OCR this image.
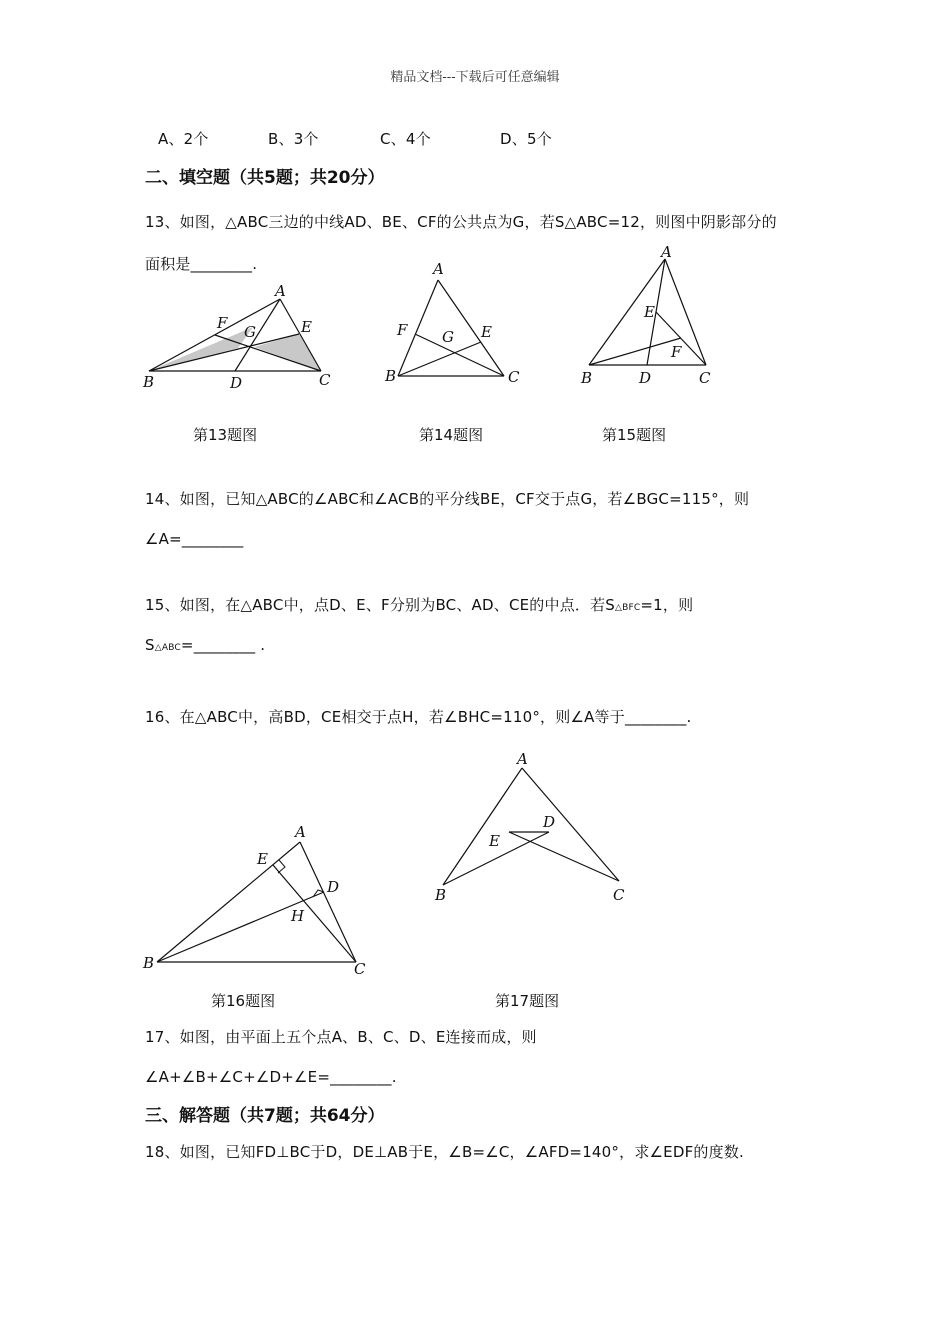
精品文档---下载后可任意编辑
A、2个	B、3个	C、4个	D、5个
二、填空题（共5题；共20分）
13、如图，△ABC三边的中线AD、BE、CF的公共点为G，若S△ABC=12，则图中阴影部分的
面积是________.
A
F G	E
B	D	C
A
F G E
B	C
A
E
F
B	D	C
第13题图	第14题图	第15题图
14、如图，已知△ABC的∠ABC和∠ACB的平分线BE，CF交于点G，若∠BGC=115°，则
∠A=________
15、如图，在△ABC中，点D、E、F分别为BC、AD、CE的中点．若S△BFC=1，则
S△ABC=________ .
16、在△ABC中，高BD，CE相交于点H，若∠BHC=110°，则∠A等于________.
A
E
D
H
B	C
A
D
E
B	C
第16题图	第17题图
17、如图，由平面上五个点A、B、C、D、E连接而成，则
∠A+∠B+∠C+∠D+∠E=________.
三、解答题（共7题；共64分）
18、如图，已知FD⊥BC于D，DE⊥AB于E，∠B=∠C，∠AFD=140°，求∠EDF的度数.
